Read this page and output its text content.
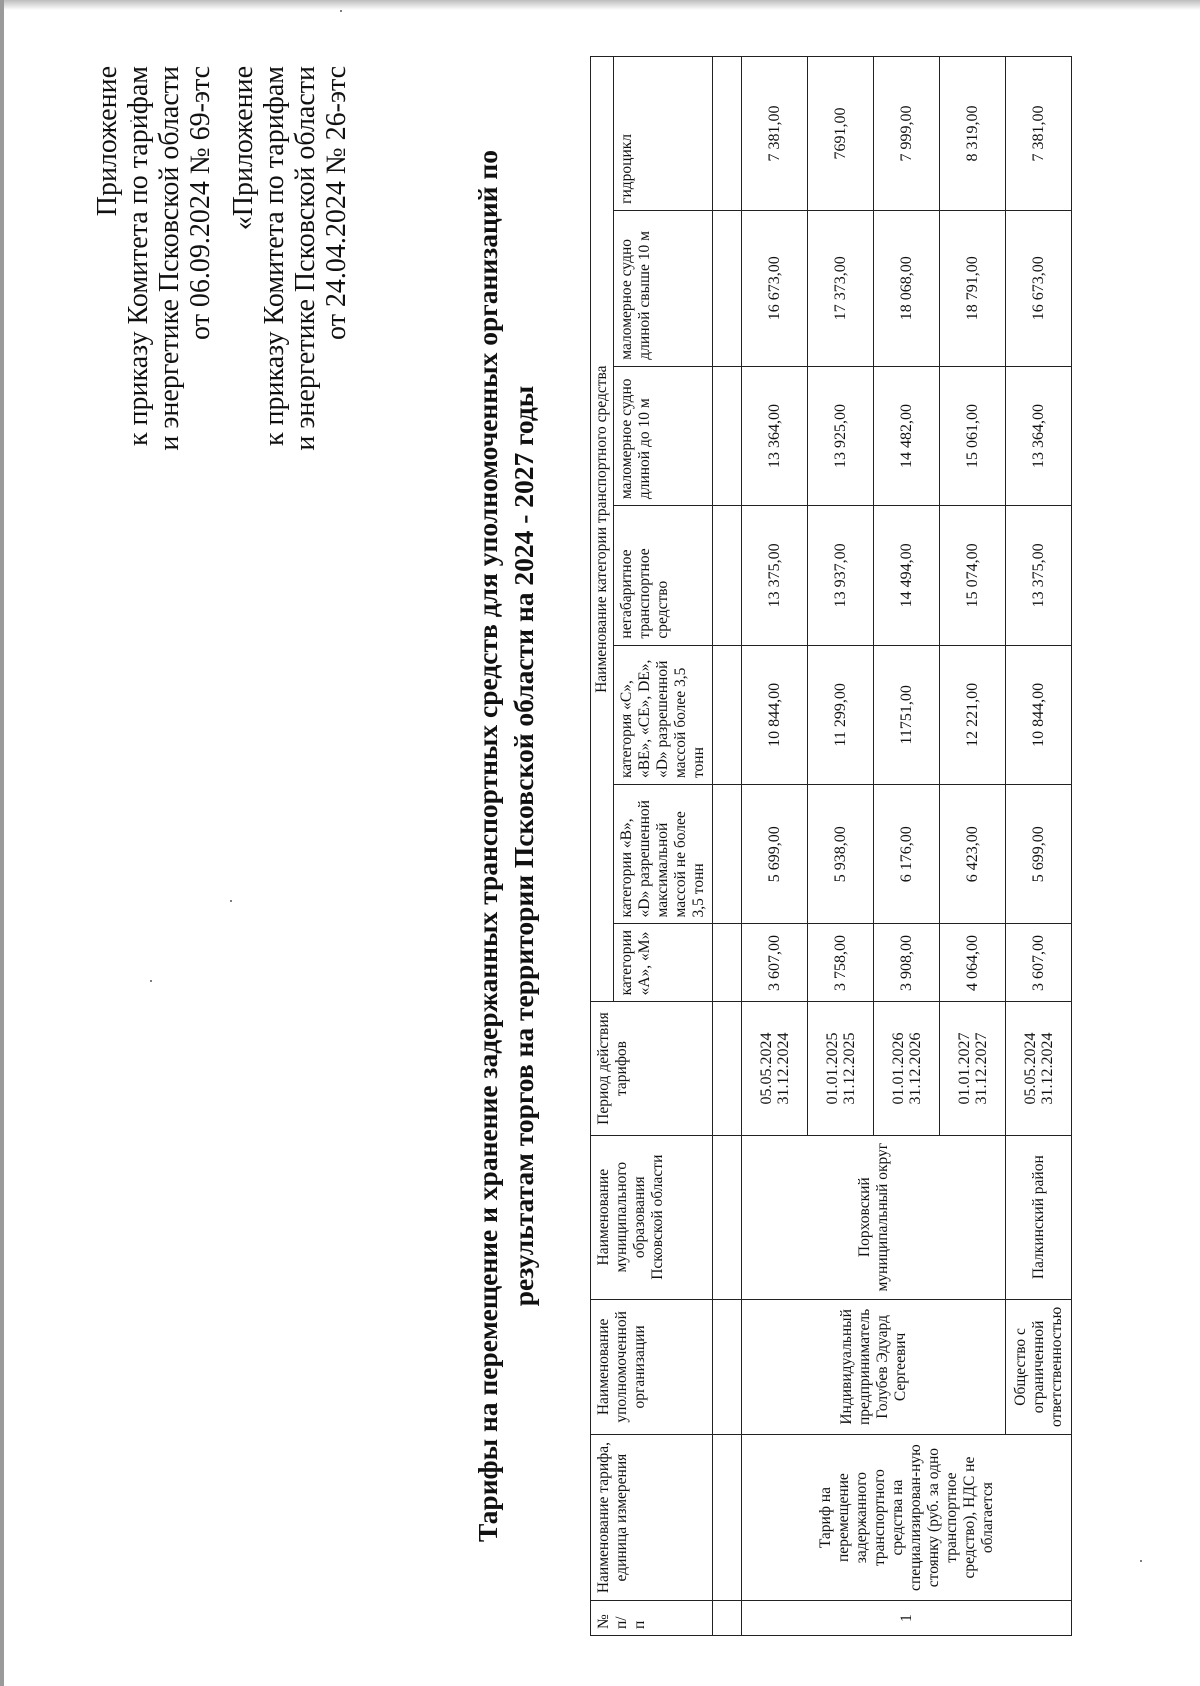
Приложение к приказу Комитета по тарифам и энергетике Псковской области от 06.09.2024 № 69-этс «Приложение к приказу Комитета по тарифам и энергетике Псковской области от 24.04.2024 № 26-этс	Тарифы на перемещение и хранение задержанных транспортных средств для уполномоченных организаций по результатам торгов на территории Псковской области на 2024 - 2027 годы
№ п/ п	Наименование тарифа, единица измерения	Наименование уполномоченной организации	Наименование муниципального образования Псковской области	Период действия тарифов	Наименование категории транспортного средства						
					категории «A», «M»	категории «B», «D» разрешенной максимальной массой не более 3,5 тонн	категория «C», «BE», «CE», DE», «D» разрешенной массой более 3,5 тонн	негабаритное транспортное средство	маломерное судно длиной до 10 м	маломерное судно длиной свыше 10 м	гидроцикл

1	Тариф на перемещение задержанного транспортного средства на специализирован-ную стоянку (руб. за одно транспортное средство), НДС не облагается	Индивидуальный предприниматель Голубев Эдуард Сергеевич	Порховский муниципальный округ	05.05.2024 31.12.2024	3 607,00	5 699,00	10 844,00	13 375,00	13 364,00	16 673,00	7 381,00
				01.01.2025 31.12.2025	3 758,00	5 938,00	11 299,00	13 937,00	13 925,00	17 373,00	7691,00
				01.01.2026 31.12.2026	3 908,00	6 176,00	11751,00	14 494,00	14 482,00	18 068,00	7 999,00
				01.01.2027 31.12.2027	4 064,00	6 423,00	12 221,00	15 074,00	15 061,00	18 791,00	8 319,00
		Общество с ограниченной ответственностью	Палкинский район	05.05.2024 31.12.2024	3 607,00	5 699,00	10 844,00	13 375,00	13 364,00	16 673,00	7 381,00
